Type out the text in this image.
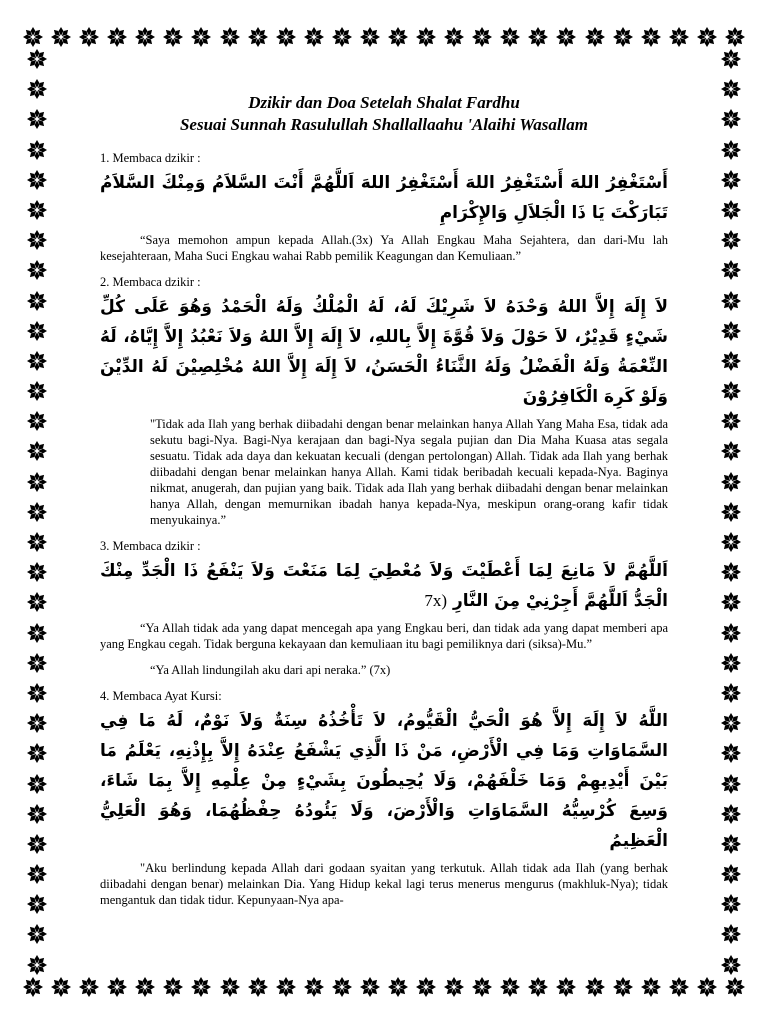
Dzikir dan Doa Setelah Shalat Fardhu
Sesuai Sunnah Rasulullah Shallallaahu 'Alaihi Wasallam

1. Membaca dzikir :

أَسْتَغْفِرُ اللهَ أَسْتَغْفِرُ اللهَ أَسْتَغْفِرُ اللهَ اَللَّهُمَّ أَنْتَ السَّلاَمُ وَمِنْكَ السَّلاَمُ تَبَارَكْتَ يَا ذَا الْجَلاَلِ وَالإِكْرَامِ

“Saya memohon ampun kepada Allah.(3x) Ya Allah Engkau Maha Sejahtera, dan dari-Mu lah kesejahteraan, Maha Suci Engkau wahai Rabb pemilik Keagungan dan Kemuliaan.”

2. Membaca dzikir :

لاَ إِلَهَ إِلاَّ اللهُ وَحْدَهُ لاَ شَرِيْكَ لَهُ، لَهُ الْمُلْكُ وَلَهُ الْحَمْدُ وَهُوَ عَلَى كُلِّ شَيْءٍ قَدِيْرٌ، لاَ حَوْلَ وَلاَ قُوَّةَ إِلاَّ بِاللهِ، لاَ إِلَهَ إِلاَّ اللهُ وَلاَ نَعْبُدُ إِلاَّ إِيَّاهُ، لَهُ النِّعْمَةُ وَلَهُ الْفَضْلُ وَلَهُ الثَّنَاءُ الْحَسَنُ، لاَ إِلَهَ إِلاَّ اللهُ مُخْلِصِيْنَ لَهُ الدِّيْنَ وَلَوْ كَرِهَ الْكَافِرُوْنَ

"Tidak ada Ilah yang berhak diibadahi dengan benar melainkan hanya Allah Yang Maha Esa, tidak ada sekutu bagi-Nya. Bagi-Nya kerajaan dan bagi-Nya segala pujian dan Dia Maha Kuasa atas segala sesuatu. Tidak ada daya dan kekuatan kecuali (dengan pertolongan) Allah. Tidak ada Ilah yang berhak diibadahi dengan benar melainkan hanya Allah. Kami tidak beribadah kecuali kepada-Nya. Baginya nikmat, anugerah, dan pujian yang baik. Tidak ada Ilah yang berhak diibadahi dengan benar melainkan hanya Allah, dengan memurnikan ibadah hanya kepada-Nya, meskipun orang-orang kafir tidak menyukainya.”

3. Membaca dzikir :

اَللَّهُمَّ لاَ مَانِعَ لِمَا أَعْطَيْتَ وَلاَ مُعْطِيَ لِمَا مَنَعْتَ وَلاَ يَنْفَعُ ذَا الْجَدِّ مِنْكَ الْجَدُّ اَللَّهُمَّ أَجِرْنِيْ مِنَ النَّارِ (7x

“Ya Allah tidak ada yang dapat mencegah apa yang Engkau beri, dan tidak ada yang dapat memberi apa yang Engkau cegah. Tidak berguna kekayaan dan kemuliaan itu bagi pemiliknya dari (siksa)-Mu.”

“Ya Allah lindungilah aku dari api neraka.” (7x)

4. Membaca Ayat Kursi:

اللَّهُ لاَ إِلَهَ إِلاَّ هُوَ الْحَيُّ الْقَيُّومُ، لاَ تَأْخُذُهُ سِنَةٌ وَلاَ نَوْمٌ، لَهُ مَا فِي السَّمَاوَاتِ وَمَا فِي الْأَرْضِ، مَنْ ذَا الَّذِي يَشْفَعُ عِنْدَهُ إِلاَّ بِإِذْنِهِ، يَعْلَمُ مَا بَيْنَ أَيْدِيهِمْ وَمَا خَلْفَهُمْ، وَلَا يُحِيطُونَ بِشَيْءٍ مِنْ عِلْمِهِ إِلاَّ بِمَا شَاءَ، وَسِعَ كُرْسِيُّهُ السَّمَاوَاتِ وَالْأَرْضَ، وَلَا يَئُودُهُ حِفْظُهُمَا، وَهُوَ الْعَلِيُّ الْعَظِيمُ

"Aku berlindung kepada Allah dari godaan syaitan yang terkutuk. Allah tidak ada Ilah (yang berhak diibadahi dengan benar) melainkan Dia. Yang Hidup kekal lagi terus menerus mengurus (makhluk-Nya); tidak mengantuk dan tidak tidur. Kepunyaan-Nya apa-
